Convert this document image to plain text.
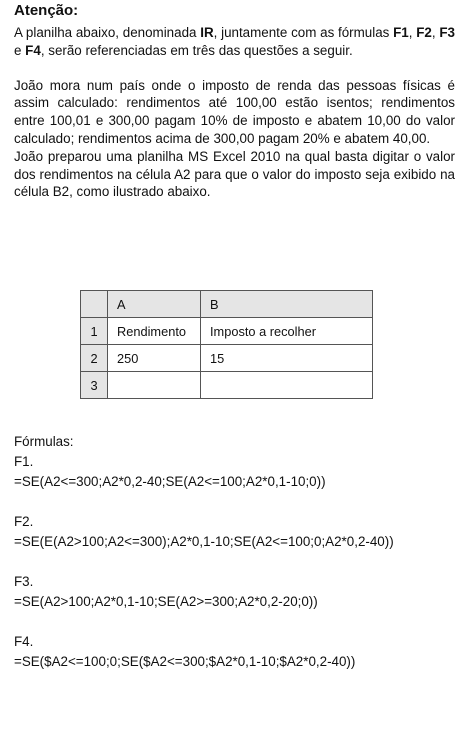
Atenção:

A planilha abaixo, denominada IR, juntamente com as fórmulas F1, F2, F3 e F4, serão referenciadas em três das questões a seguir.

João mora num país onde o imposto de renda das pessoas físicas é assim calculado: rendimentos até 100,00 estão isentos; rendimentos entre 100,01 e 300,00 pagam 10% de imposto e abatem 10,00 do valor calculado; rendimentos acima de 300,00 pagam 20% e abatem 40,00.

João preparou uma planilha MS Excel 2010 na qual basta digitar o valor dos rendimentos na célula A2 para que o valor do imposto seja exibido na célula B2, como ilustrado abaixo.

	A	B
1	Rendimento	Imposto a recolher
2	250	15
3		

Fórmulas:

F1.

=SE(A2<=300;A2*0,2-40;SE(A2<=100;A2*0,1-10;0))

F2.

=SE(E(A2>100;A2<=300);A2*0,1-10;SE(A2<=100;0;A2*0,2-40))

F3.

=SE(A2>100;A2*0,1-10;SE(A2>=300;A2*0,2-20;0))

F4.

=SE($A2<=100;0;SE($A2<=300;$A2*0,1-10;$A2*0,2-40))
